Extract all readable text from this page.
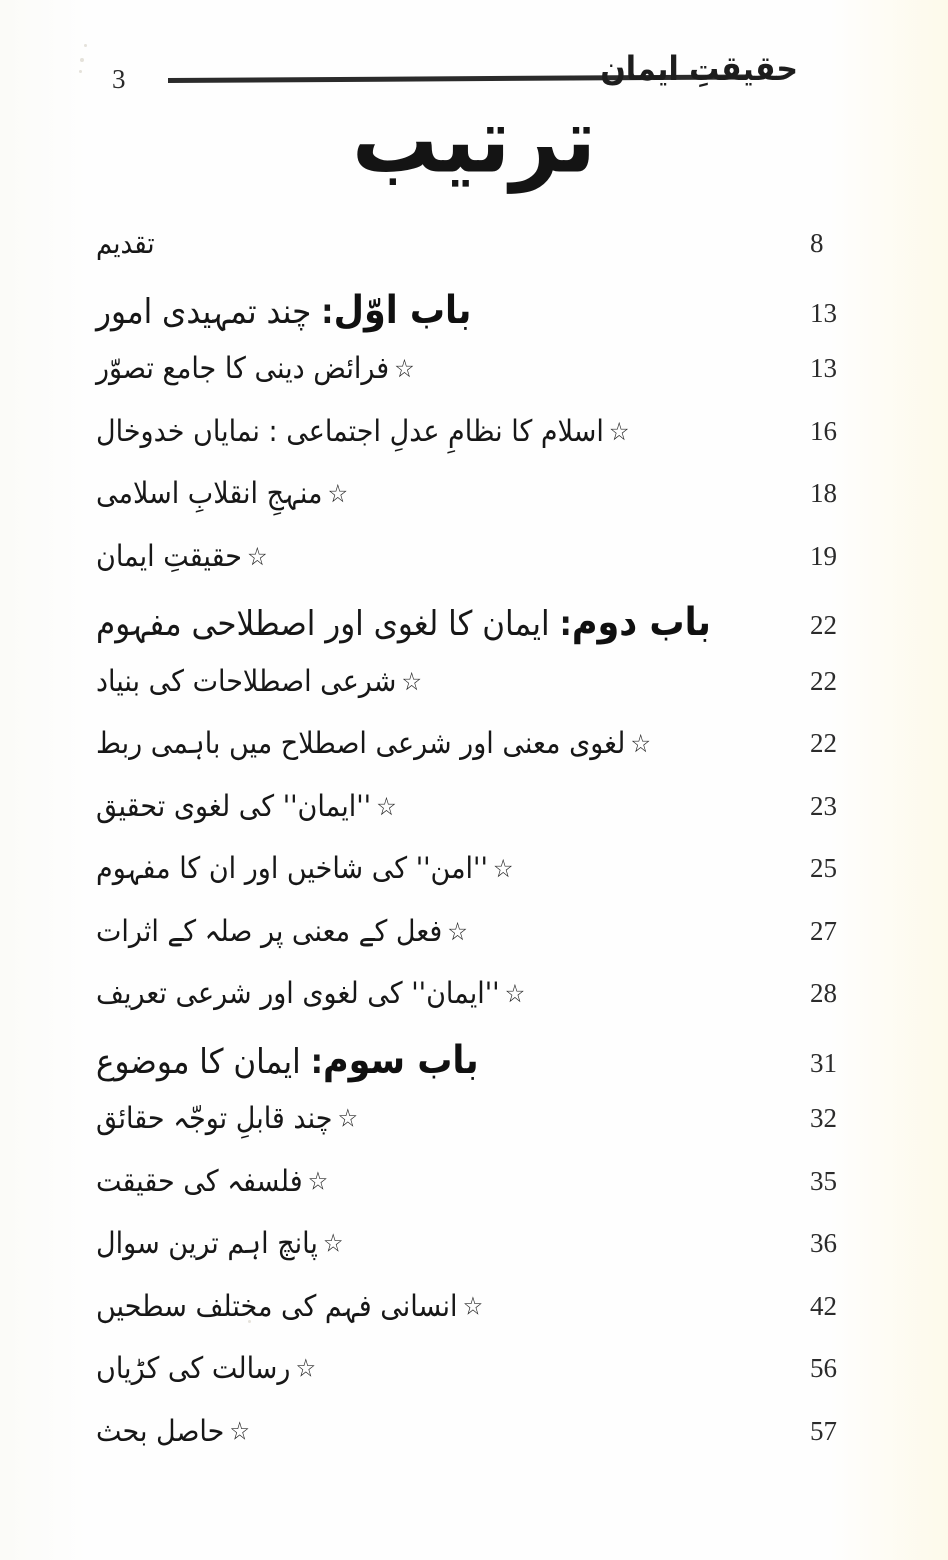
3	حقیقتِ ایمان
ترتیب
تقدیم	8
باب اوّل: چند تمہیدی امور	13
☆فرائض دینی کا جامع تصوّر	13
☆اسلام کا نظامِ عدلِ اجتماعی : نمایاں خدوخال	16
☆منہجِ انقلابِ اسلامی	18
☆حقیقتِ ایمان	19
باب دوم: ایمان کا لغوی اور اصطلاحی مفہوم	22
☆شرعی اصطلاحات کی بنیاد	22
☆لغوی معنی اور شرعی اصطلاح میں باہمی ربط	22
☆''ایمان'' کی لغوی تحقیق	23
☆''امن'' کی شاخیں اور ان کا مفہوم	25
☆فعل کے معنی پر صلہ کے اثرات	27
☆''ایمان'' کی لغوی اور شرعی تعریف	28
باب سوم: ایمان کا موضوع	31
☆چند قابلِ توجّہ حقائق	32
☆فلسفہ کی حقیقت	35
☆پانچ اہم ترین سوال	36
☆انسانی فہم کی مختلف سطحیں	42
☆رسالت کی کڑیاں	56
☆حاصل بحث	57
